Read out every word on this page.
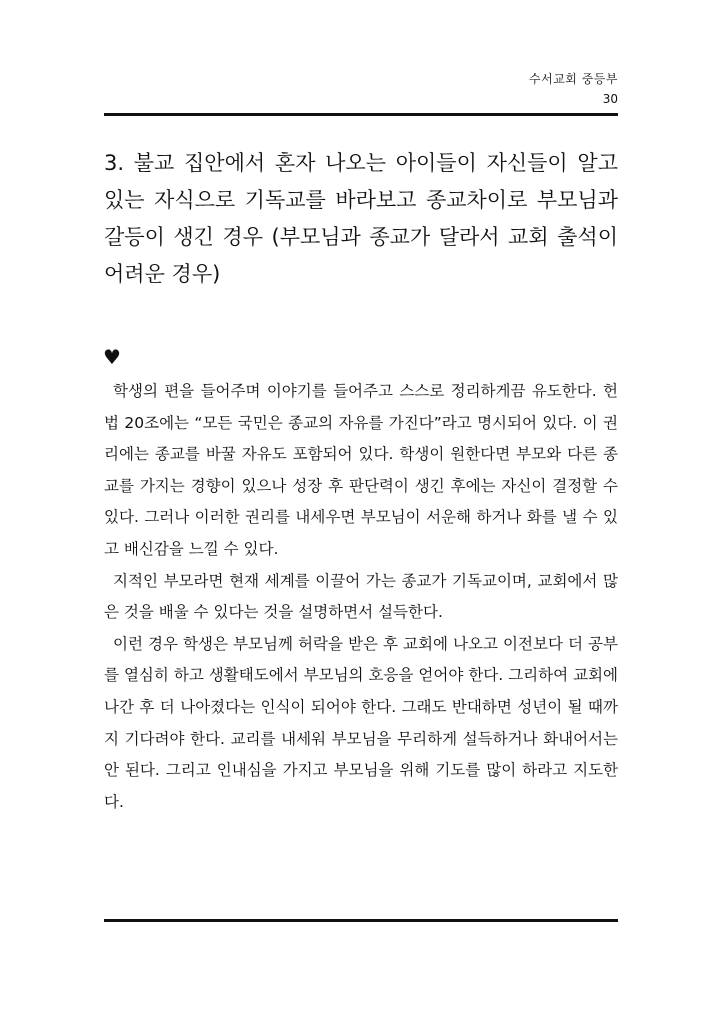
수서교회 중등부
30
3. 불교 집안에서 혼자 나오는 아이들이 자신들이 알고 있는 자식으로 기독교를 바라보고 종교차이로 부모님과 갈등이 생긴 경우 (부모님과 종교가 달라서 교회 출석이 어려운 경우)
♥

학생의 편을 들어주며 이야기를 들어주고 스스로 정리하게끔 유도한다. 헌법 20조에는 “모든 국민은 종교의 자유를 가진다”라고 명시되어 있다. 이 권리에는 종교를 바꿀 자유도 포함되어 있다. 학생이 원한다면 부모와 다른 종교를 가지는 경향이 있으나 성장 후 판단력이 생긴 후에는 자신이 결정할 수 있다. 그러나 이러한 권리를 내세우면 부모님이 서운해 하거나 화를 낼 수 있고 배신감을 느낄 수 있다.

지적인 부모라면 현재 세계를 이끌어 가는 종교가 기독교이며, 교회에서 많은 것을 배울 수 있다는 것을 설명하면서 설득한다.

이런 경우 학생은 부모님께 허락을 받은 후 교회에 나오고 이전보다 더 공부를 열심히 하고 생활태도에서 부모님의 호응을 얻어야 한다. 그리하여 교회에 나간 후 더 나아졌다는 인식이 되어야 한다. 그래도 반대하면 성년이 될 때까지 기다려야 한다. 교리를 내세워 부모님을 무리하게 설득하거나 화내어서는 안 된다. 그리고 인내심을 가지고 부모님을 위해 기도를 많이 하라고 지도한다.
